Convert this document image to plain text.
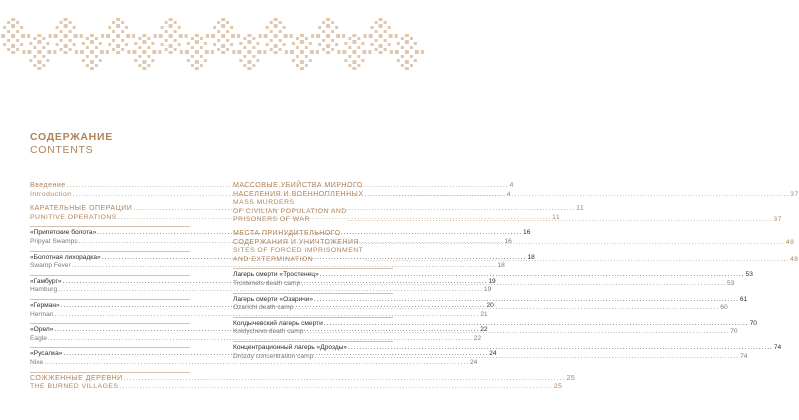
СОДЕРЖАНИЕ
CONTENTS
Введение .....	4
Introduction .....	4
КАРАТЕЛЬНЫЕ ОПЕРАЦИИ .....	11
PUNITIVE OPERATIONS .....	11
«Припятские болота» .....	16
Pripyat Swamps .....	16
«Болотная лихорадка» .....	18
Swamp Fever .....	18
«Гамбург» .....	19
Hamburg .....	19
«Герман» .....	20
Herman .....	21
«Орел» .....	22
Eagle .....	22
«Русалка» .....	24
Nixe .....	24
СОЖЖЕННЫЕ ДЕРЕВНИ .....	25
THE BURNED VILLAGES .....	25
МАССОВЫЕ УБИЙСТВА МИРНОГО
НАСЕЛЕНИЯ И ВОЕННОПЛЕННЫХ .....	37
MASS MURDERS
OF CIVILIAN POPULATION AND
PRISONERS OF WAR .....	37
МЕСТА ПРИНУДИТЕЛЬНОГО
СОДЕРЖАНИЯ И УНИЧТОЖЕНИЯ .....	48
SITES OF FORCED IMPRISONMENT
AND EXTERMINATION .....	48
Лагерь смерти «Тростенец» .....	53
Trostenets death camp .....	53
Лагерь смерти «Озаричи» .....	61
Ozarichi death camp .....	60
Колдычевский лагерь смерти .....	70
Koldychevo death camp .....	70
Концентрационный лагерь «Дрозды» .....	74
Drozdy concentration camp .....	74
